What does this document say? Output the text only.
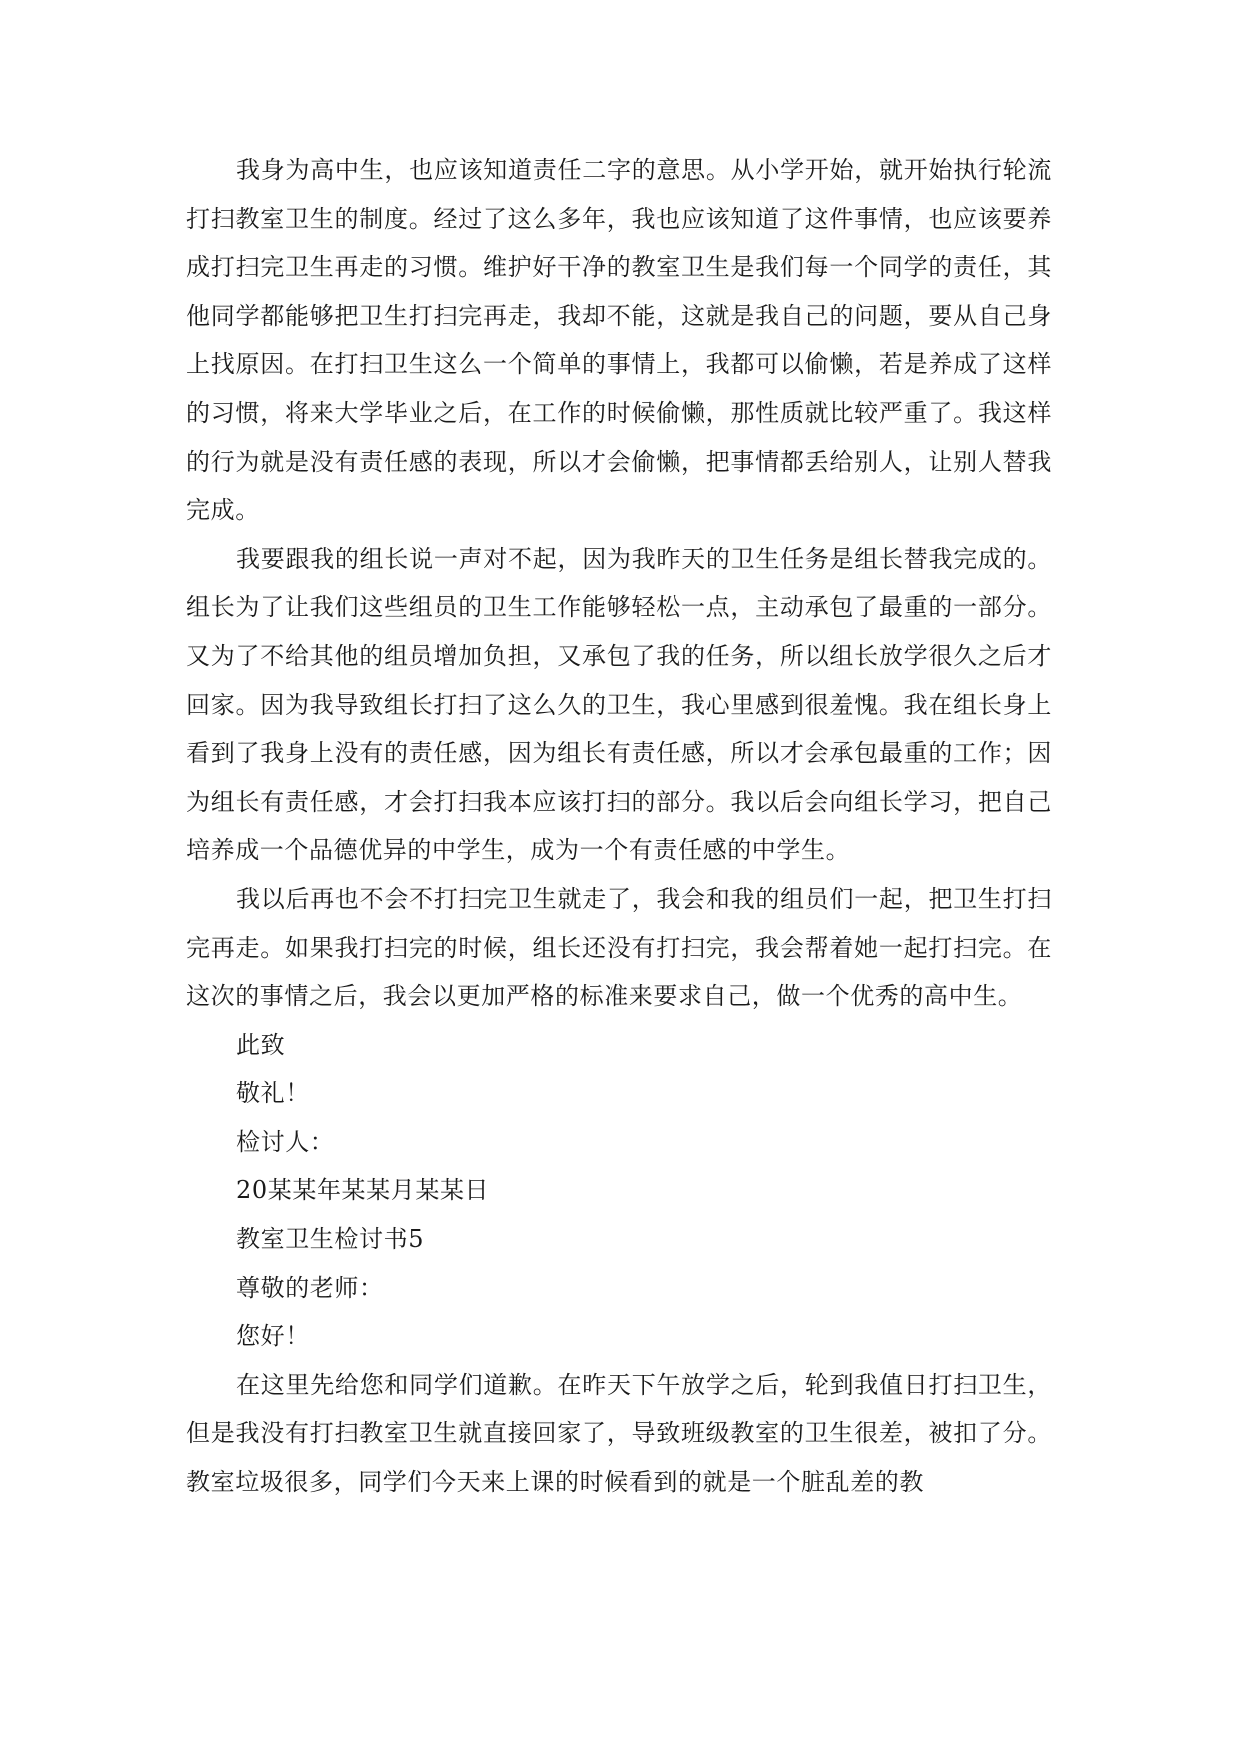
我身为高中生，也应该知道责任二字的意思。从小学开始，就开始执行轮流打扫教室卫生的制度。经过了这么多年，我也应该知道了这件事情，也应该要养成打扫完卫生再走的习惯。维护好干净的教室卫生是我们每一个同学的责任，其他同学都能够把卫生打扫完再走，我却不能，这就是我自己的问题，要从自己身上找原因。在打扫卫生这么一个简单的事情上，我都可以偷懒，若是养成了这样的习惯，将来大学毕业之后，在工作的时候偷懒，那性质就比较严重了。我这样的行为就是没有责任感的表现，所以才会偷懒，把事情都丢给别人，让别人替我完成。

我要跟我的组长说一声对不起，因为我昨天的卫生任务是组长替我完成的。组长为了让我们这些组员的卫生工作能够轻松一点，主动承包了最重的一部分。又为了不给其他的组员增加负担，又承包了我的任务，所以组长放学很久之后才回家。因为我导致组长打扫了这么久的卫生，我心里感到很羞愧。我在组长身上看到了我身上没有的责任感，因为组长有责任感，所以才会承包最重的工作；因为组长有责任感，才会打扫我本应该打扫的部分。我以后会向组长学习，把自己培养成一个品德优异的中学生，成为一个有责任感的中学生。

我以后再也不会不打扫完卫生就走了，我会和我的组员们一起，把卫生打扫完再走。如果我打扫完的时候，组长还没有打扫完，我会帮着她一起打扫完。在这次的事情之后，我会以更加严格的标准来要求自己，做一个优秀的高中生。

此致

敬礼！

检讨人：

20某某年某某月某某日

教室卫生检讨书5

尊敬的老师：

您好！

在这里先给您和同学们道歉。在昨天下午放学之后，轮到我值日打扫卫生，但是我没有打扫教室卫生就直接回家了，导致班级教室的卫生很差，被扣了分。教室垃圾很多，同学们今天来上课的时候看到的就是一个脏乱差的教
